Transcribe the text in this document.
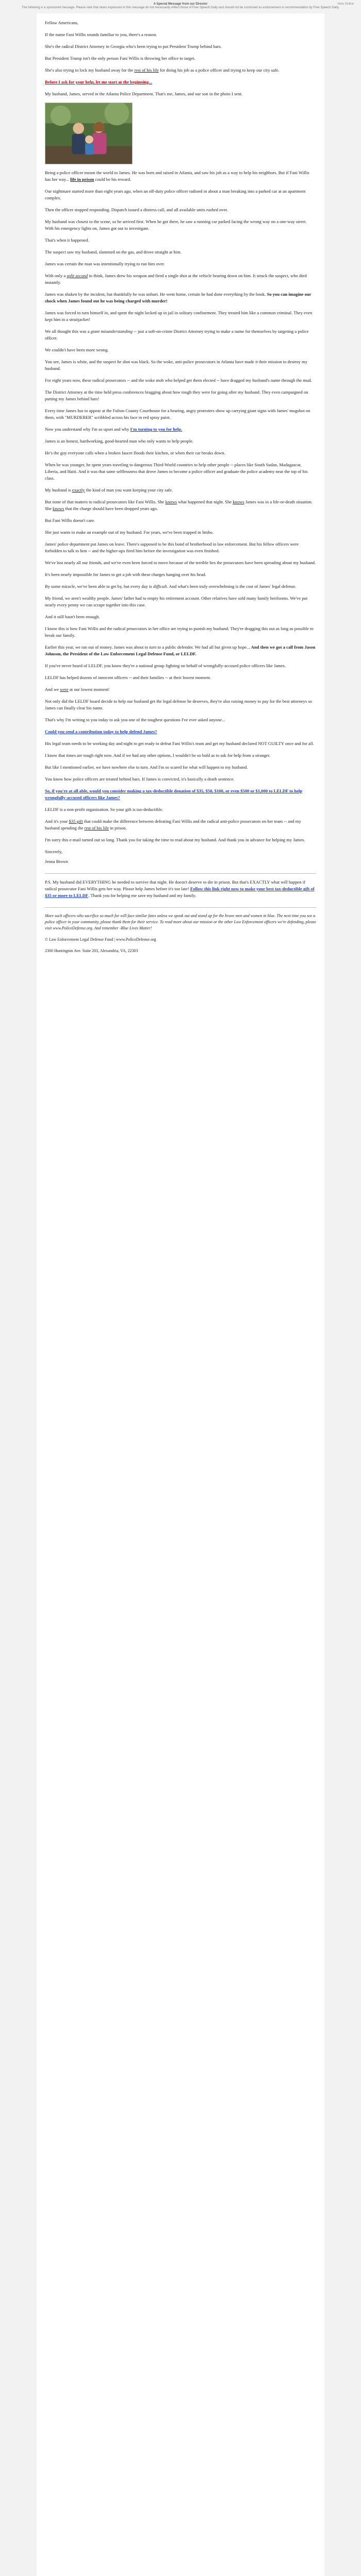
A Special Message from our Director
The following is a sponsored message. Please note that views expressed in this message do not necessarily reflect those of Free Speech Daily and should not be construed as endorsement or recommendation by Free Speech Daily.
View Online

Fellow Americans,

If the name Fani Willis sounds familiar to you, there's a reason.

She's the radical District Attorney in Georgia who's been trying to put President Trump behind bars.

But President Trump isn't the only person Fani Willis is throwing her office to target.

She's also trying to lock my husband away for the rest of his life for doing his job as a police officer and trying to keep our city safe.

Before I ask for your help, let me start at the beginning...

My husband, James, served in the Atlanta Police Department. That's me, James, and our son in the photo I sent.

Being a police officer meant the world to James. He was born and raised in Atlanta, and saw his job as a way to help his neighbors. But if Fani Willis has her way... life in prison could be his reward.

Our nightmare started more than eight years ago, when an off-duty police officer radioed in about a man breaking into a parked car at an apartment complex.

Then the officer stopped responding. Dispatch issued a distress call, and all available units rushed over.

My husband was closest to the scene, so he arrived first. When he got there, he saw a running car parked facing the wrong way on a one-way street. With his emergency lights on, James got out to investigate.

That's when it happened.

The suspect saw my husband, slammed on the gas, and drove straight at him.

James was certain the man was intentionally trying to run him over.

With only a split second to think, James drew his weapon and fired a single shot at the vehicle bearing down on him. It struck the suspect, who died instantly.

James was shaken by the incident, but thankfully he was unhurt. He went home, certain he had done everything by the book. So you can imagine our shock when James found out he was being charged with murder!

James was forced to turn himself in, and spent the night locked up in jail in solitary confinement. They treated him like a common criminal. They even kept him in a straitjacket!

We all thought this was a giant misunderstanding -- just a soft-on-crime District Attorney trying to make a name for themselves by targeting a police officer.

We couldn't have been more wrong.

You see, James is white, and the suspect he shot was black. So the woke, anti-police prosecutors in Atlanta have made it their mission to destroy my husband.

For eight years now, these radical prosecutors -- and the woke mob who helped get them elected -- have dragged my husband's name through the mud.

The District Attorney at the time held press conferences bragging about how tough they were for going after my husband. They even campaigned on putting my James behind bars!

Every time James has to appear at the Fulton County Courthouse for a hearing, angry protesters show up carrying giant signs with James' mugshot on them, with "MURDERER" scribbled across his face in red spray paint.

Now you understand why I'm so upset and why I'm turning to you for help.

James is an honest, hardworking, good-hearted man who only wants to help people.

He's the guy everyone calls when a broken faucet floods their kitchen, or when their car breaks down.

When he was younger, he spent years traveling to dangerous Third-World countries to help other people -- places like South Sudan, Madagascar, Liberia, and Haiti. And it was that same selflessness that drove James to become a police officer and graduate the police academy near the top of his class.

My husband is exactly the kind of man you want keeping your city safe.

But none of that matters to radical prosecutors like Fani Willis. She knows what happened that night. She knows James was in a life-or-death situation. She knows that the charge should have been dropped years ago.

But Fani Willis doesn't care.

She just wants to make an example out of my husband. For years, we've been trapped in limbo.

James' police department put James on leave. There's supposed to be this bond of brotherhood in law enforcement. But his fellow officers were forbidden to talk to him -- and the higher-ups fired him before the investigation was even finished.

We've lost nearly all our friends, and we've even been forced to move because of the terrible lies the prosecutors have been spreading about my husband.

It's been nearly impossible for James to get a job with these charges hanging over his head.

By some miracle, we've been able to get by, but every day is difficult. And what's been truly overwhelming is the cost of James' legal defense.

My friend, we aren't wealthy people. James' father had to empty his retirement account. Other relatives have sold many family heirlooms. We've put nearly every penny we can scrape together into this case.

And it still hasn't been enough.

I know this is how Fani Willis and the radical prosecutors in her office are trying to punish my husband. They're dragging this out as long as possible to break our family.

Earlier this year, we ran out of money. James was about to turn to a public defender. We had all but given up hope... And then we got a call from Jason Johnson, the President of the Law Enforcement Legal Defense Fund, or LELDF.

If you've never heard of LELDF, you know they're a national group fighting on behalf of wrongfully-accused police officers like James.

LELDF has helped dozens of innocent officers -- and their families -- at their lowest moment.

And we were at our lowest moment!

Not only did the LELDF board decide to help our husband get the legal defense he deserves, they're also raising money to pay for the best attorneys so James can finally clear his name.

That's why I'm writing to you today to ask you one of the toughest questions I've ever asked anyone...

Could you send a contribution today to help defend James?

His legal team needs to be working day and night to get ready to defeat Fani Willis's team and get my husband declared NOT GUILTY once and for all.

I know that times are tough right now. And if we had any other options, I wouldn't be so bold as to ask for help from a stranger.

But like I mentioned earlier, we have nowhere else to turn. And I'm so scared for what will happen to my husband.

You know how police officers are treated behind bars. If James is convicted, it's basically a death sentence.

So, if you're at all able, would you consider making a tax-deductible donation of $35, $50, $100, or even $500 or $1,000 to LELDF to help wrongfully-accused officers like James?

LELDF is a non-profit organization. So your gift is tax-deductible.

And it's your $35 gift that could make the difference between defeating Fani Willis and the radical anti-police prosecutors on her team -- and my husband spending the rest of his life in prison.

I'm sorry this e-mail turned out so long. Thank you for taking the time to read about my husband. And thank you in advance for helping my James.

Sincerely,

Jenna Brown

P.S. My husband did EVERYTHING he needed to survive that night. He doesn't deserve to die in prison. But that's EXACTLY what will happen if radical prosecutor Fani Willis gets her way. Please help James before it's too late! Follow this link right now to make your best tax-deductible gift of $35 or more to LELDF. Thank you for helping me save my husband and my family.

More such officers who sacrifice so much for will face similar fates unless we speak out and stand up for the brave men and women in blue. The next time you see a police officer in your community, please thank them for their service. To read more about our mission or the other Law Enforcement officers we're defending, please visit www.PoliceDefense.org. And remember -Blue Lives Matter!

© Law Enforcement Legal Defense Fund | www.PoliceDefense.org

2300 Huntington Ave. Suite 203, Alexandria, VA, 22303
